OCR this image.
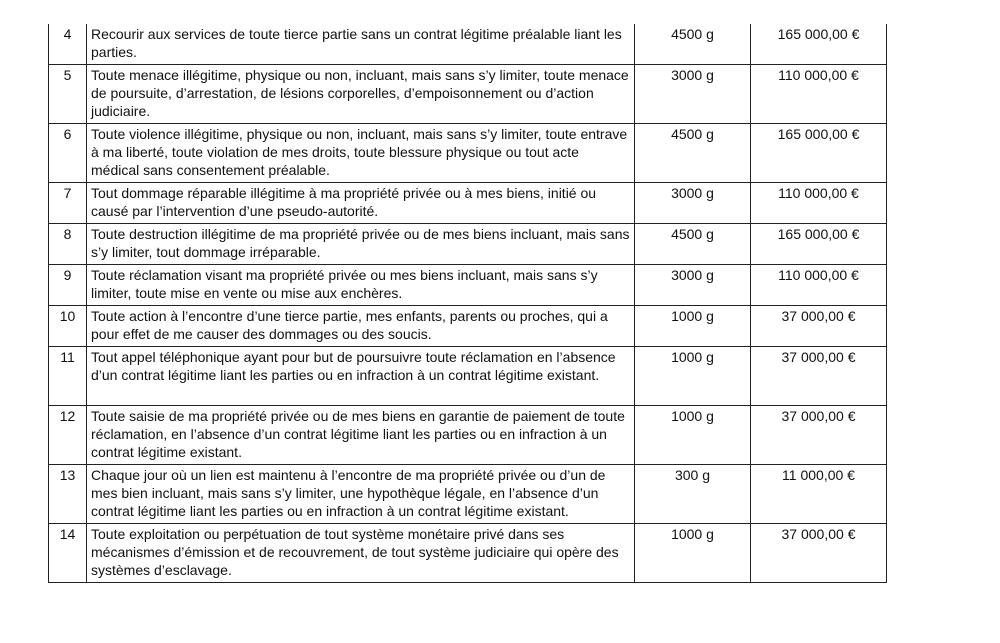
4	Recourir aux services de toute tierce partie sans un contrat légitime préalable liant les parties.	4500 g	165 000,00 €
5	Toute menace illégitime, physique ou non, incluant, mais sans s’y limiter, toute menace de poursuite, d’arrestation, de lésions corporelles, d’empoisonnement ou d’action judiciaire.	3000 g	110 000,00 €
6	Toute violence illégitime, physique ou non, incluant, mais sans s’y limiter, toute entrave à ma liberté, toute violation de mes droits, toute blessure physique ou tout acte médical sans consentement préalable.	4500 g	165 000,00 €
7	Tout dommage réparable illégitime à ma propriété privée ou à mes biens, initié ou causé par l’intervention d’une pseudo-autorité.	3000 g	110 000,00 €
8	Toute destruction illégitime de ma propriété privée ou de mes biens incluant, mais sans s’y limiter, tout dommage irréparable.	4500 g	165 000,00 €
9	Toute réclamation visant ma propriété privée ou mes biens incluant, mais sans s’y limiter, toute mise en vente ou mise aux enchères.	3000 g	110 000,00 €
10	Toute action à l’encontre d’une tierce partie, mes enfants, parents ou proches, qui a pour effet de me causer des dommages ou des soucis.	1000 g	37 000,00 €
11	Tout appel téléphonique ayant pour but de poursuivre toute réclamation en l’absence d’un contrat légitime liant les parties ou en infraction à un contrat légitime existant.	1000 g	37 000,00 €
12	Toute saisie de ma propriété privée ou de mes biens en garantie de paiement de toute réclamation, en l’absence d’un contrat légitime liant les parties ou en infraction à un contrat légitime existant.	1000 g	37 000,00 €
13	Chaque jour où un lien est maintenu à l’encontre de ma propriété privée ou d’un de mes bien incluant, mais sans s’y limiter, une hypothèque légale, en l’absence d’un contrat légitime liant les parties ou en infraction à un contrat légitime existant.	300 g	11 000,00 €
14	Toute exploitation ou perpétuation de tout système monétaire privé dans ses mécanismes d’émission et de recouvrement, de tout système judiciaire qui opère des systèmes d’esclavage.	1000 g	37 000,00 €
